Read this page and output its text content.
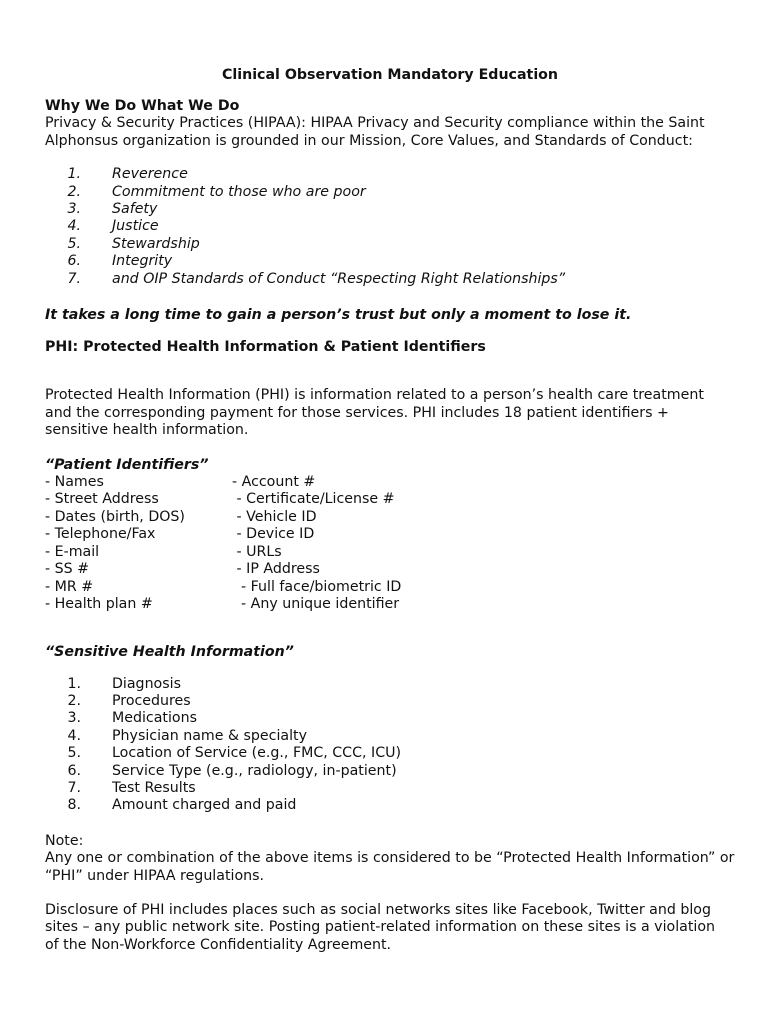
Clinical Observation Mandatory Education

Why We Do What We Do

Privacy & Security Practices (HIPAA): HIPAA Privacy and Security compliance within the Saint

Alphonsus organization is grounded in our Mission, Core Values, and Standards of Conduct:

1.	Reverence
2.	Commitment to those who are poor
3.	Safety
4.	Justice
5.	Stewardship
6.	Integrity
7.	and OIP Standards of Conduct “Respecting Right Relationships”

It takes a long time to gain a person’s trust but only a moment to lose it.

PHI: Protected Health Information & Patient Identifiers

Protected Health Information (PHI) is information related to a person’s health care treatment

and the corresponding payment for those services. PHI includes 18 patient identifiers +

sensitive health information.

“Patient Identifiers”

- Names	- Account #
- Street Address	- Certificate/License #
- Dates (birth, DOS)	- Vehicle ID
- Telephone/Fax	- Device ID
- E-mail	- URLs
- SS #	- IP Address
- MR #	- Full face/biometric ID
- Health plan #	- Any unique identifier

“Sensitive Health Information”

1.	Diagnosis
2.	Procedures
3.	Medications
4.	Physician name & specialty
5.	Location of Service (e.g., FMC, CCC, ICU)
6.	Service Type (e.g., radiology, in-patient)
7.	Test Results
8.	Amount charged and paid

Note:

Any one or combination of the above items is considered to be “Protected Health Information” or

“PHI” under HIPAA regulations.

Disclosure of PHI includes places such as social networks sites like Facebook, Twitter and blog

sites – any public network site. Posting patient-related information on these sites is a violation

of the Non-Workforce Confidentiality Agreement.
